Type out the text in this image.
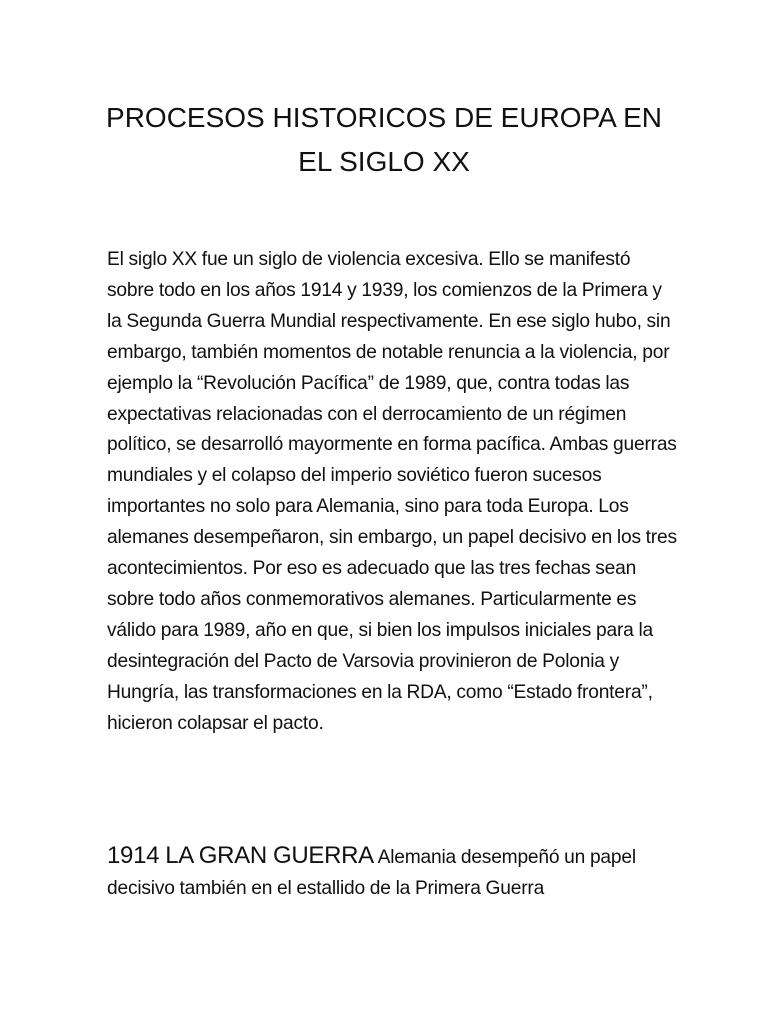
PROCESOS HISTORICOS DE EUROPA EN EL SIGLO XX

El siglo XX fue un siglo de violencia excesiva. Ello se manifestó sobre todo en los años 1914 y 1939, los comienzos de la Primera y la Segunda Guerra Mundial respectivamente. En ese siglo hubo, sin embargo, también momentos de notable renuncia a la violencia, por ejemplo la “Revolución Pacífica” de 1989, que, contra todas las expectativas relacionadas con el derrocamiento de un régimen político, se desarrolló mayormente en forma pacífica. Ambas guerras mundiales y el colapso del imperio soviético fueron sucesos importantes no solo para Alemania, sino para toda Europa. Los alemanes desempeñaron, sin embargo, un papel decisivo en los tres acontecimientos. Por eso es adecuado que las tres fechas sean sobre todo años conmemorativos alemanes. Particularmente es válido para 1989, año en que, si bien los impulsos iniciales para la desintegración del Pacto de Varsovia provinieron de Polonia y Hungría, las transformaciones en la RDA, como “Estado frontera”, hicieron colapsar el pacto.

1914 LA GRAN GUERRA Alemania desempeñó un papel decisivo también en el estallido de la Primera Guerra
